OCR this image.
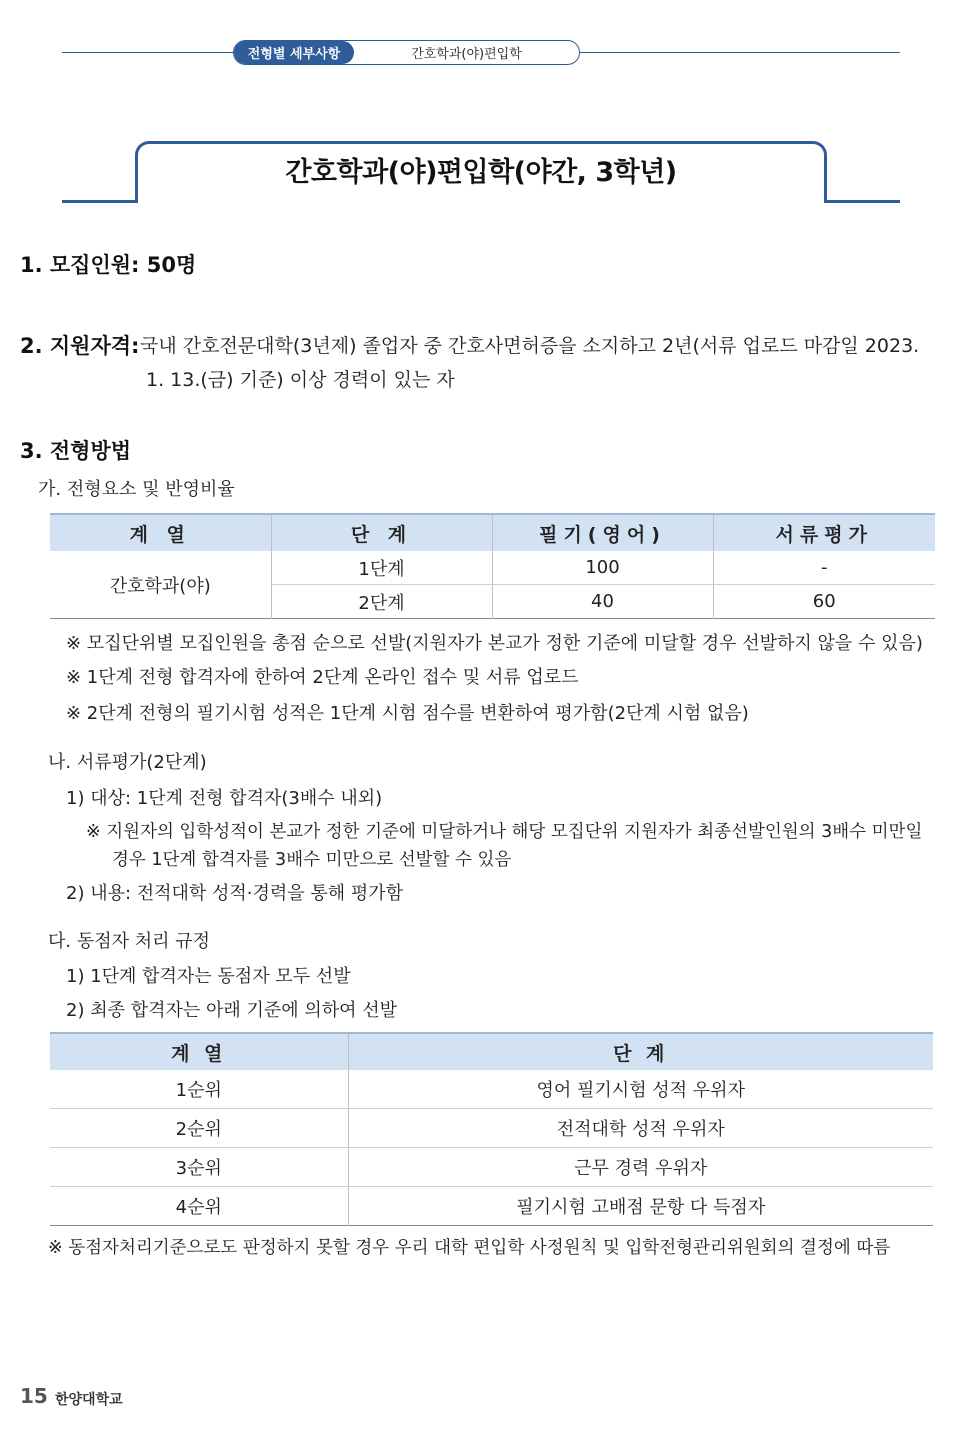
전형별 세부사항	간호학과(야)편입학
간호학과(야)편입학(야간, 3학년)
1. 모집인원: 50명
2. 지원자격: 국내 간호전문대학(3년제) 졸업자 중 간호사면허증을 소지하고 2년(서류 업로드 마감일 2023.
1. 13.(금) 기준) 이상 경력이 있는 자
3. 전형방법
가. 전형요소 및 반영비율
계 열	단 계	필기(영어)	서류평가
간호학과(야)	1단계	100	-
	2단계	40	60
※ 모집단위별 모집인원을 총점 순으로 선발(지원자가 본교가 정한 기준에 미달할 경우 선발하지 않을 수 있음)
※ 1단계 전형 합격자에 한하여 2단계 온라인 접수 및 서류 업로드
※ 2단계 전형의 필기시험 성적은 1단계 시험 점수를 변환하여 평가함(2단계 시험 없음)
나. 서류평가(2단계)
1) 대상: 1단계 전형 합격자(3배수 내외)
※ 지원자의 입학성적이 본교가 정한 기준에 미달하거나 해당 모집단위 지원자가 최종선발인원의 3배수 미만일
경우 1단계 합격자를 3배수 미만으로 선발할 수 있음
2) 내용: 전적대학 성적·경력을 통해 평가함
다. 동점자 처리 규정
1) 1단계 합격자는 동점자 모두 선발
2) 최종 합격자는 아래 기준에 의하여 선발
계 열	단 계
1순위	영어 필기시험 성적 우위자
2순위	전적대학 성적 우위자
3순위	근무 경력 우위자
4순위	필기시험 고배점 문항 다 득점자
※ 동점자처리기준으로도 판정하지 못할 경우 우리 대학 편입학 사정원칙 및 입학전형관리위원회의 결정에 따름
15 한양대학교
